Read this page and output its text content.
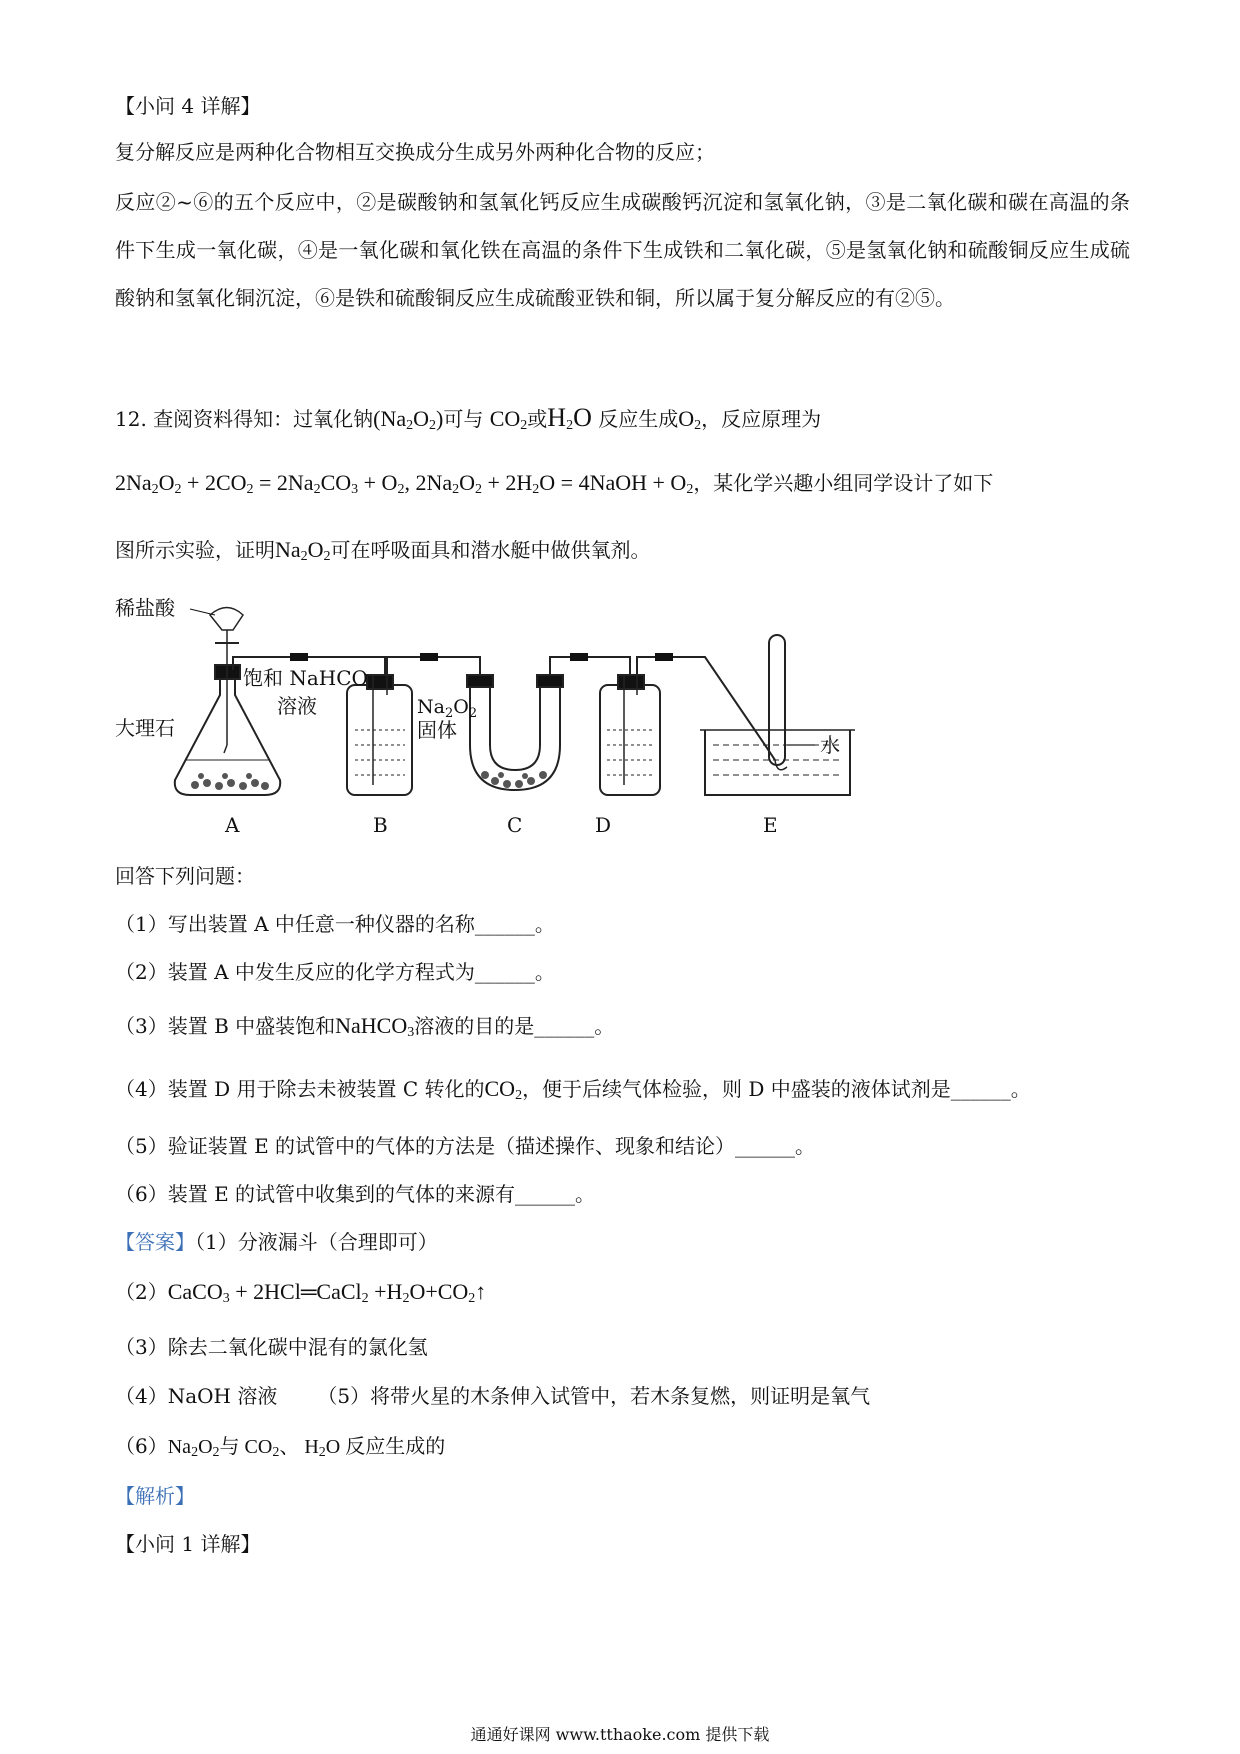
【小问 4 详解】
复分解反应是两种化合物相互交换成分生成另外两种化合物的反应；
反应②~⑥的五个反应中，②是碳酸钠和氢氧化钙反应生成碳酸钙沉淀和氢氧化钠，③是二氧化碳和碳在高温的条件下生成一氧化碳，④是一氧化碳和氧化铁在高温的条件下生成铁和二氧化碳，⑤是氢氧化钠和硫酸铜反应生成硫酸钠和氢氧化铜沉淀，⑥是铁和硫酸铜反应生成硫酸亚铁和铜，所以属于复分解反应的有②⑤。
12. 查阅资料得知：过氧化钠$(Na_2O_2)$可与 $CO_2$或$H_2O$ 反应生成$O_2$，反应原理为
$2Na_2O_2 + 2CO_2 = 2Na_2CO_3 + O_2$, $2Na_2O_2 + 2H_2O$ = 4NaOH + $O_2$，某化学兴趣小组同学设计了如下
图所示实验，证明$Na_2O_2$可在呼吸面具和潜水艇中做供氧剂。
稀盐酸
大理石
饱和 NaHCO
溶液	$Na_2O_2$
固体
水
A	B	C	D	E
回答下列问题：
（1）写出装置 A 中任意一种仪器的名称______。
（2）装置 A 中发生反应的化学方程式为______。
（3）装置 B 中盛装饱和NaHCO$_3$溶液的目的是______。
（4）装置 D 用于除去未被装置 C 转化的$CO_2$，便于后续气体检验，则 D 中盛装的液体试剂是______。
（5）验证装置 E 的试管中的气体的方法是（描述操作、现象和结论）______。
（6）装置 E 的试管中收集到的气体的来源有______。
【答案】（1）分液漏斗（合理即可）
（2）CaCO$_3$ + 2HCl═CaCl$_2$ $+H_2O+CO_2↑$
（3）除去二氧化碳中混有的氯化氢
（4）NaOH 溶液 （5）将带火星的木条伸入试管中，若木条复燃，则证明是氧气
$(6)Na_2O_2$与 $CO_2$、 $H_2O$ 反应生成的
【解析】
【小问 1 详解】
通通好课网 www.tthaoke.com 提供下载
